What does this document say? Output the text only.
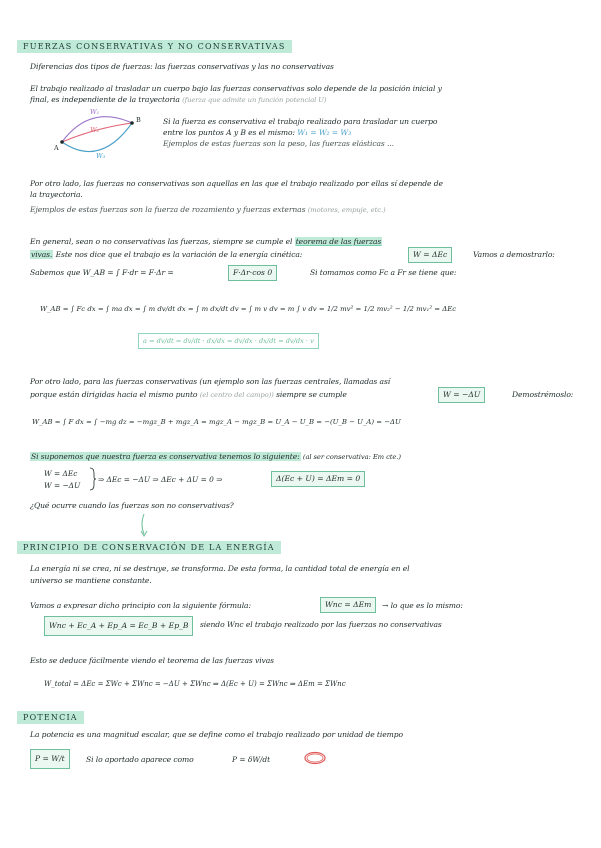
FUERZAS CONSERVATIVAS Y NO CONSERVATIVAS
Diferencias dos tipos de fuerzas: las fuerzas conservativas y las no conservativas
El trabajo realizado al trasladar un cuerpo bajo las fuerzas conservativas solo depende de la posición inicial y
final, es independiente de la trayectoria (fuerza que admite un función potencial U)
W₁
W₂
W₃
A
B	Si la fuerza es conservativa el trabajo realizado para trasladar un cuerpo
entre los puntos A y B es el mismo: W₁ = W₂ = W₃
Ejemplos de estas fuerzas son la peso, las fuerzas elásticas ...
Por otro lado, las fuerzas no conservativas son aquellas en las que el trabajo realizado por ellas sí depende de
la trayectoria.
Ejemplos de estas fuerzas son la fuerza de rozamiento y fuerzas externas (motores, empuje, etc.)
En general, sean o no conservativas las fuerzas, siempre se cumple el teorema de las fuerzas
vivas. Este nos dice que el trabajo es la variación de la energía cinética:	W = ΔEc	Vamos a demostrarlo:
Sabemos que W_AB = ∫ F·dr = F·Δr =	F·Δr·cos 0	Si tomamos como Fc a Fr se tiene que:
W_AB = ∫ Fc dx = ∫ ma dx = ∫ m dv/dt dx = ∫ m dx/dt dv = ∫ m v dv = m ∫ v dv = 1/2 mv² = 1/2 mv₂² − 1/2 mv₁² = ΔEc
a = dv/dt = dv/dt · dx/dx = dv/dx · dx/dt = dv/dx · v
Por otro lado, para las fuerzas conservativas (un ejemplo son las fuerzas centrales, llamadas así
porque están dirigidas hacia el mismo punto (el centro del campo)) siempre se cumple	W = −ΔU	Demostrémoslo:
W_AB = ∫ F dx = ∫ −mg dz = −mgz_B + mgz_A = mgz_A − mgz_B = U_A − U_B = −(U_B − U_A) = −ΔU
Si suponemos que nuestra fuerza es conservativa tenemos lo siguiente: (al ser conservativa: Em cte.)
W = ΔEc
W = −ΔU
⇒ ΔEc = −ΔU ⇒ ΔEc + ΔU = 0 ⇒	Δ(Ec + U) = ΔEm = 0
¿Qué ocurre cuando las fuerzas son no conservativas?
PRINCIPIO DE CONSERVACIÓN DE LA ENERGÍA
La energía ni se crea, ni se destruye, se transforma. De esta forma, la cantidad total de energía en el
universo se mantiene constante.
Vamos a expresar dicho principio con la siguiente fórmula:	Wnc = ΔEm	→ lo que es lo mismo:
Wnc + Ec_A + Ep_A = Ec_B + Ep_B	siendo Wnc el trabajo realizado por las fuerzas no conservativas
Esto se deduce fácilmente viendo el teorema de las fuerzas vivas
W_total = ΔEc = ΣWc + ΣWnc = −ΔU + ΣWnc ⇒ Δ(Ec + U) = ΣWnc ⇒ ΔEm = ΣWnc
POTENCIA
La potencia es una magnitud escalar, que se define como el trabajo realizado por unidad de tiempo
P = W/t	Si lo aportado aparece como	P = δW/dt
